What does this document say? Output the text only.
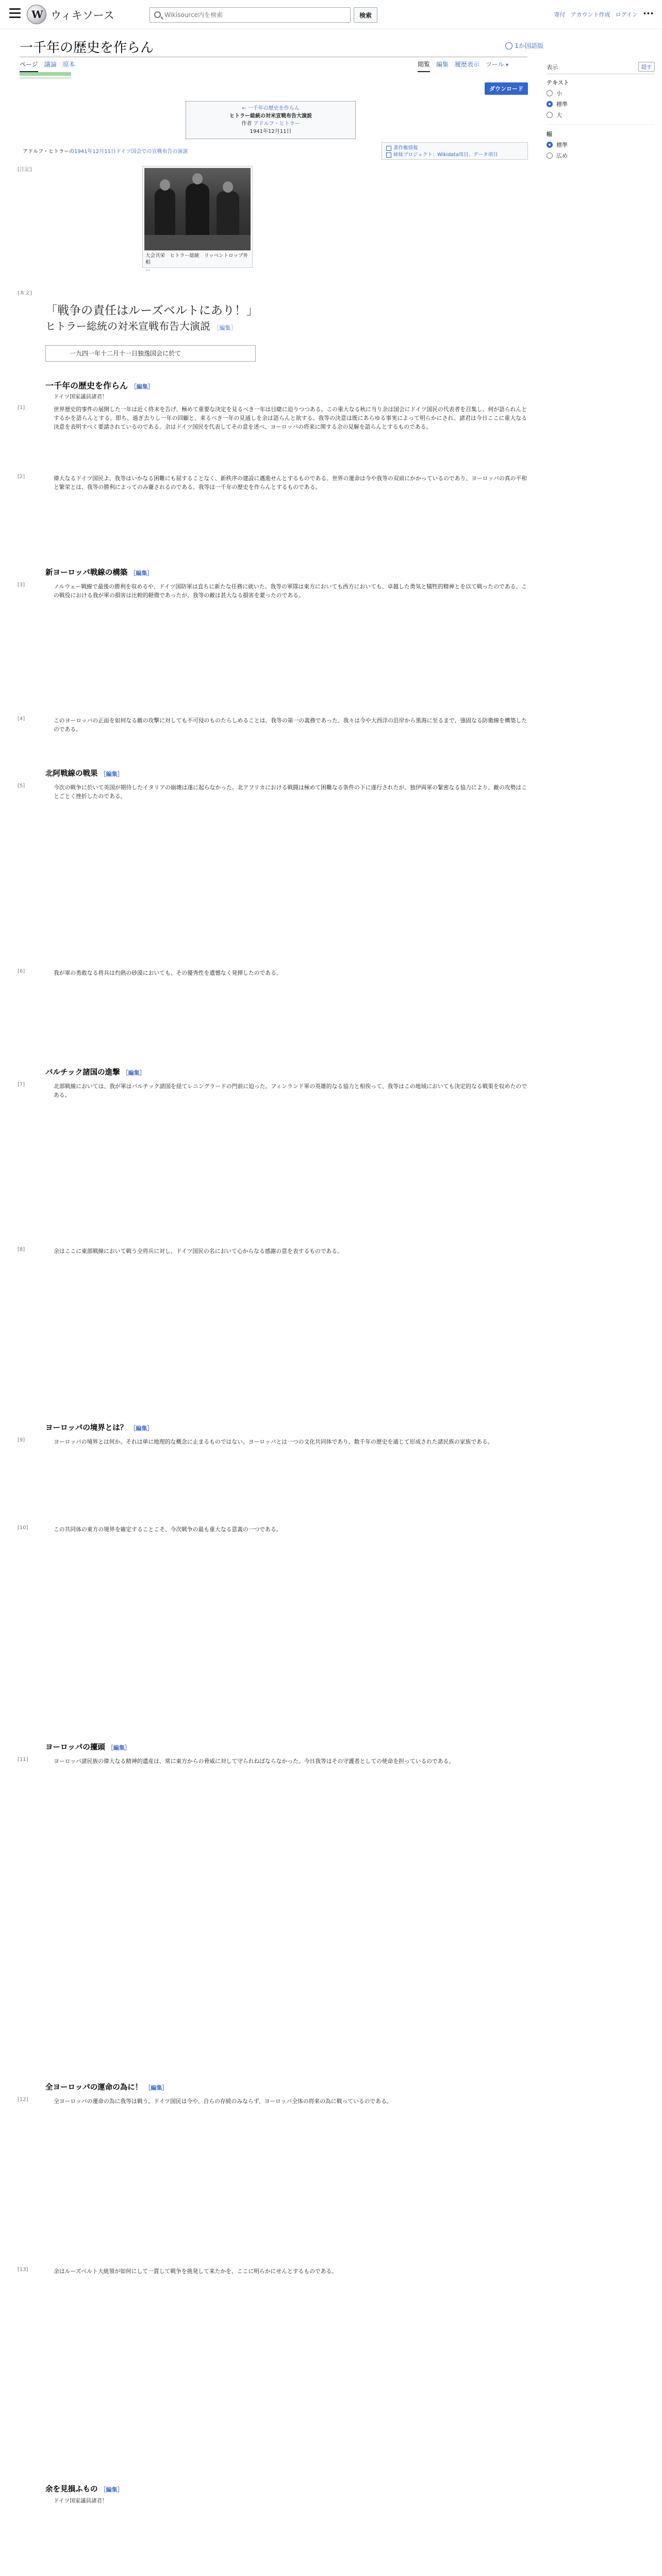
W
ウィキソース
Wikisource内を検索	検索	寄付 アカウント作成 ログイン •••
一千年の歴史を作らん	1か国語版
ページ 議論 原本	閲覧 編集 履歴表示 ツール ▾
ダウンロード
表示	隠す
テキスト
小
標準
大
幅
標準
広め
← 一千年の歴史を作らん
ヒトラー総統の対米宣戦布告大演説
作者 アドルフ・ヒトラー
1941年12月11日
アドルフ・ヒトラーの1941年12月11日ドイツ国会での宣戦布告の演説
著作権情報
姉妹プロジェクト：Wikidata項目、データ項目
[注記]
大会共栄　ヒトラー総統　リッベントロップ外相
...
[本文]
「戦争の責任はルーズベルトにあり！」
ヒトラー総統の対米宣戦布告大演説 ［編集］
一九四一年十二月十一日独逸国会に於て
一千年の歴史を作らん ［編集］
ドイツ国家議員諸君！
[1]	世界歴史的事件の展開した一年は近く終末を告げ、極めて重要な決定を見るべき一年は目睫に迫りつつある。この重大なる秋に当り余は国会にドイツ国民の代表者を召集し、何が語られんとするかを語らんとする。即ち、過ぎ去りし一年の回顧と、来るべき一年の見通しを余は語らんと欲する。我等の決意は既にあらゆる事実によって明らかにされ、諸君は今日ここに重大なる決意を表明すべく要請されているのである。余はドイツ国民を代表してその意を述べ、ヨーロッパの将来に関する余の見解を語らんとするものである。

[2]	偉大なるドイツ国民よ、我等はいかなる困難にも屈することなく、新秩序の建設に邁進せんとするものである。世界の運命は今や我等の双肩にかかっているのであり、ヨーロッパの真の平和と繁栄とは、我等の勝利によってのみ齎されるのである。我等は一千年の歴史を作らんとするものである。

新ヨーロッパ戦線の構築 ［編集］
[3]	ノルウェー戦線で最後の勝利を収めるや、ドイツ国防軍は直ちに新たな任務に就いた。我等の軍隊は東方においても西方においても、卓越した勇気と犠牲的精神とを以て戦ったのである。この戦役における我が軍の損害は比較的軽微であったが、我等の敵は甚大なる損害を蒙ったのである。

[4]	このヨーロッパの正面を如何なる敵の攻撃に対しても不可侵のものたらしめることは、我等の第一の義務であった。我々は今や大西洋の沿岸から黒海に至るまで、強固なる防衛線を構築したのである。

北阿戦線の戦果 ［編集］
[5]	今次の戦争に於いて英国が期待したイタリアの崩壊は遂に起らなかった。北アフリカにおける戦闘は極めて困難なる条件の下に遂行されたが、独伊両軍の緊密なる協力により、敵の攻勢はことごとく挫折したのである。

[6]	我が軍の勇敢なる将兵は灼熱の砂漠においても、その優秀性を遺憾なく発揮したのである。

バルチック諸国の進撃 ［編集］
[7]	北部戦線においては、我が軍はバルチック諸国を経てレニングラードの門前に迫った。フィンランド軍の英雄的なる協力と相俟って、我等はこの地域においても決定的なる戦果を収めたのである。

[8]	余はここに東部戦線において戦う全将兵に対し、ドイツ国民の名において心からなる感謝の意を表するものである。

ヨーロッパの境界とは？ ［編集］
[9]	ヨーロッパの境界とは何か。それは単に地理的な概念に止まるものではない。ヨーロッパとは一つの文化共同体であり、数千年の歴史を通じて形成された諸民族の家族である。

[10]	この共同体の東方の境界を確定することこそ、今次戦争の最も重大なる意義の一つである。

ヨーロッパの擡頭 ［編集］
[11]	ヨーロッパ諸民族の偉大なる精神的遺産は、常に東方からの脅威に対して守られねばならなかった。今日我等はその守護者としての使命を担っているのである。

全ヨーロッパの運命の為に！ ［編集］
[12]	全ヨーロッパの運命の為に我等は戦う。ドイツ国民は今や、自らの存続のみならず、ヨーロッパ全体の将来の為に戦っているのである。

[13]	余はルーズベルト大統領が如何にして一貫して戦争を挑発して来たかを、ここに明らかにせんとするものである。

余を見損ふもの ［編集］
ドイツ国家議員諸君！
